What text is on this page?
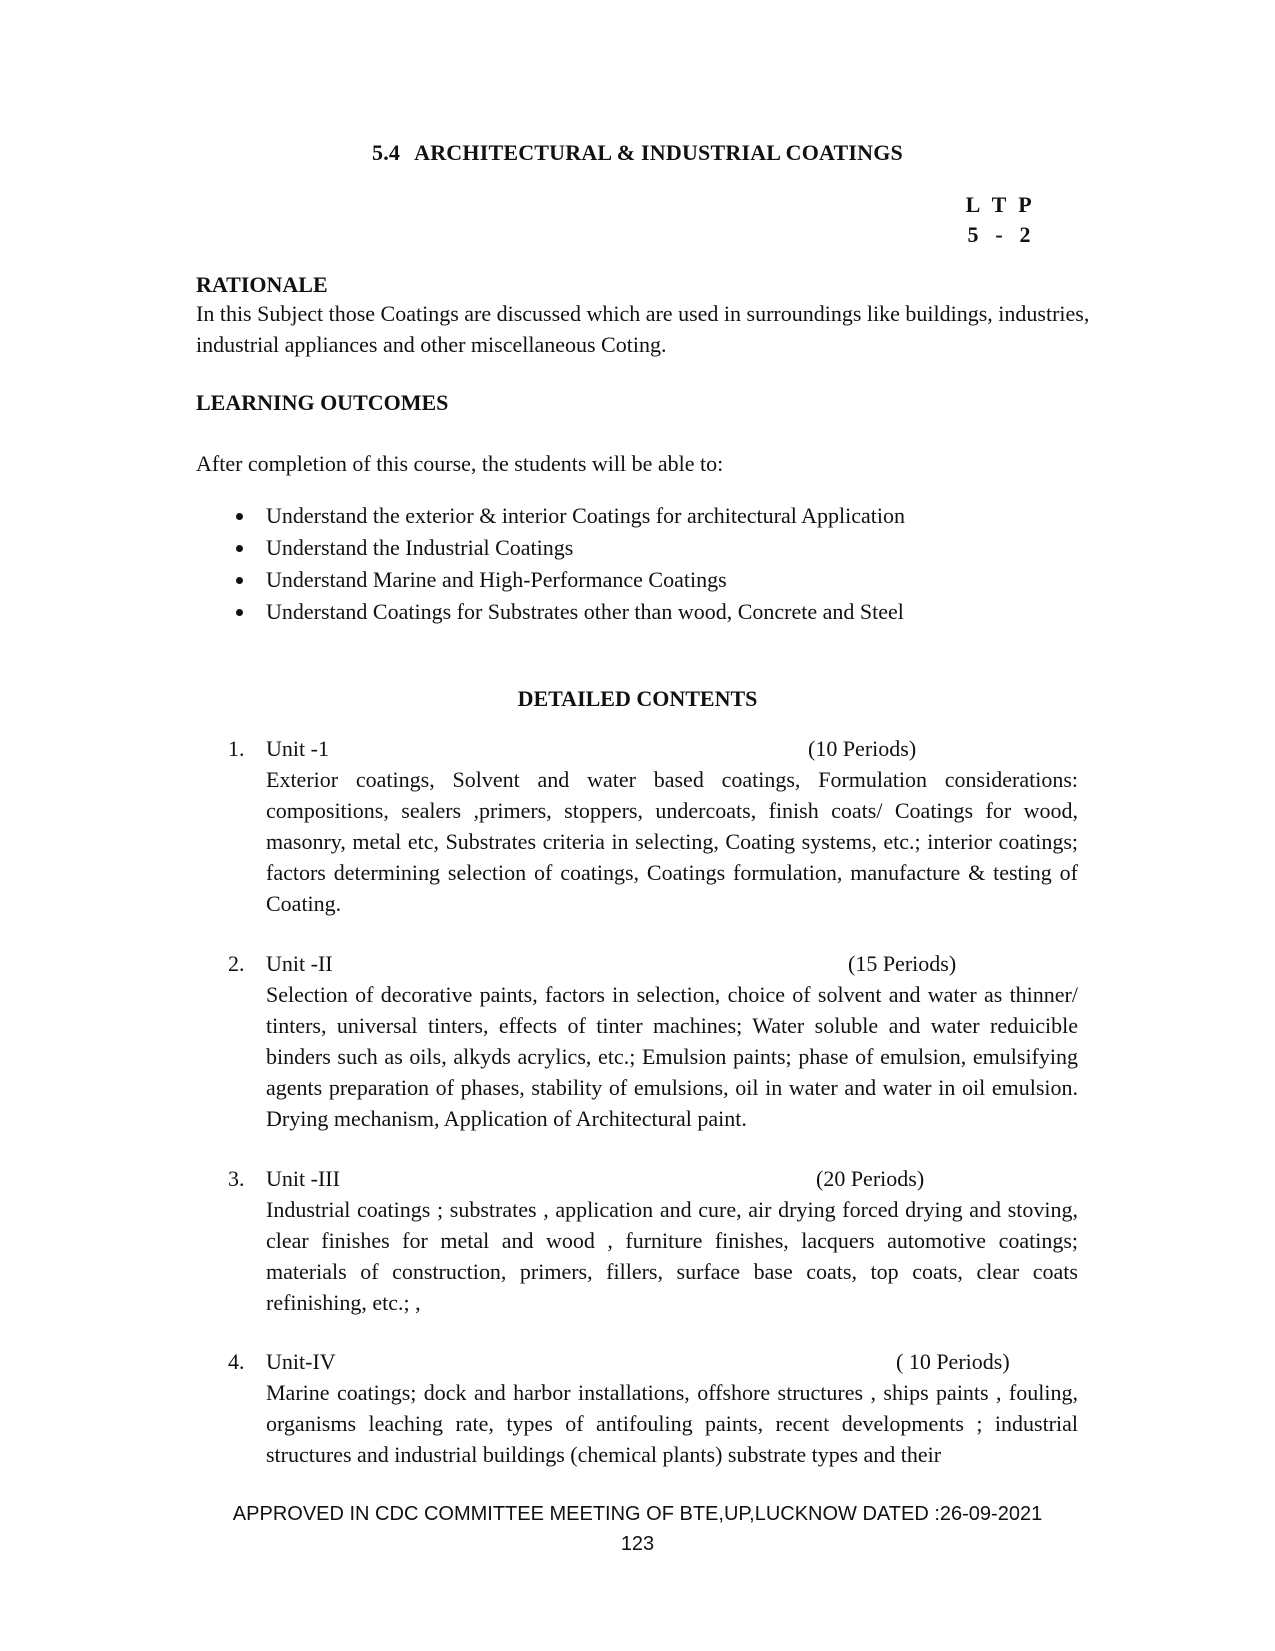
5.4 ARCHITECTURAL & INDUSTRIAL COATINGS
L T P
5 - 2
RATIONALE
In this Subject those Coatings are discussed which are used in surroundings like buildings, industries, industrial appliances and other miscellaneous Coting.
LEARNING OUTCOMES
After completion of this course, the students will be able to:
Understand the exterior & interior Coatings for architectural Application
Understand the Industrial Coatings
Understand Marine and High-Performance Coatings
Understand Coatings for Substrates other than wood, Concrete and Steel
DETAILED CONTENTS
1. Unit -1	(10 Periods)
Exterior coatings, Solvent and water based coatings, Formulation considerations: compositions, sealers ,primers, stoppers, undercoats, finish coats/ Coatings for wood, masonry, metal etc, Substrates criteria in selecting, Coating systems, etc.; interior coatings; factors determining selection of coatings, Coatings formulation, manufacture & testing of Coating.
2. Unit -II	(15 Periods)
Selection of decorative paints, factors in selection, choice of solvent and water as thinner/ tinters, universal tinters, effects of tinter machines; Water soluble and water reduicible binders such as oils, alkyds acrylics, etc.; Emulsion paints; phase of emulsion, emulsifying agents preparation of phases, stability of emulsions, oil in water and water in oil emulsion. Drying mechanism, Application of Architectural paint.
3. Unit -III	(20 Periods)
Industrial coatings ; substrates , application and cure, air drying forced drying and stoving, clear finishes for metal and wood , furniture finishes, lacquers automotive coatings; materials of construction, primers, fillers, surface base coats, top coats, clear coats refinishing, etc.; ,
4. Unit-IV	( 10 Periods)
Marine coatings; dock and harbor installations, offshore structures , ships paints , fouling, organisms leaching rate, types of antifouling paints, recent developments ; industrial structures and industrial buildings (chemical plants) substrate types and their
APPROVED IN CDC COMMITTEE MEETING OF BTE,UP,LUCKNOW DATED :26-09-2021
123
